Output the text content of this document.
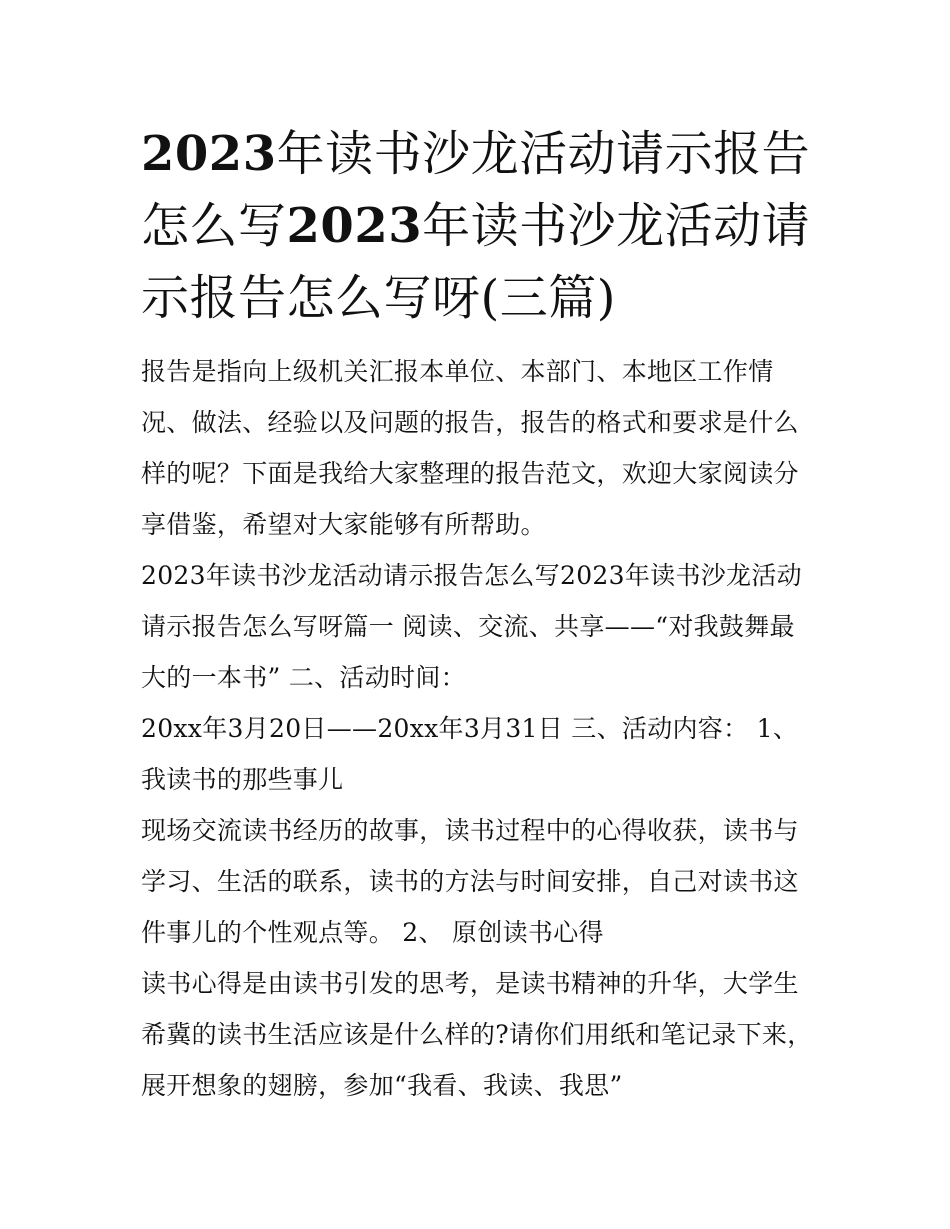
2023年读书沙龙活动请示报告怎么写2023年读书沙龙活动请示报告怎么写呀(三篇)

报告是指向上级机关汇报本单位、本部门、本地区工作情况、做法、经验以及问题的报告，报告的格式和要求是什么样的呢？下面是我给大家整理的报告范文，欢迎大家阅读分享借鉴，希望对大家能够有所帮助。

2023年读书沙龙活动请示报告怎么写2023年读书沙龙活动请示报告怎么写呀篇一 阅读、交流、共享——“对我鼓舞最大的一本书” 二、活动时间：

20xx年3月20日——20xx年3月31日 三、活动内容： 1、我读书的那些事儿

现场交流读书经历的故事，读书过程中的心得收获，读书与学习、生活的联系，读书的方法与时间安排，自己对读书这件事儿的个性观点等。 2、 原创读书心得

读书心得是由读书引发的思考，是读书精神的升华，大学生希冀的读书生活应该是什么样的?请你们用纸和笔记录下来，展开想象的翅膀，参加“我看、我读、我思”
